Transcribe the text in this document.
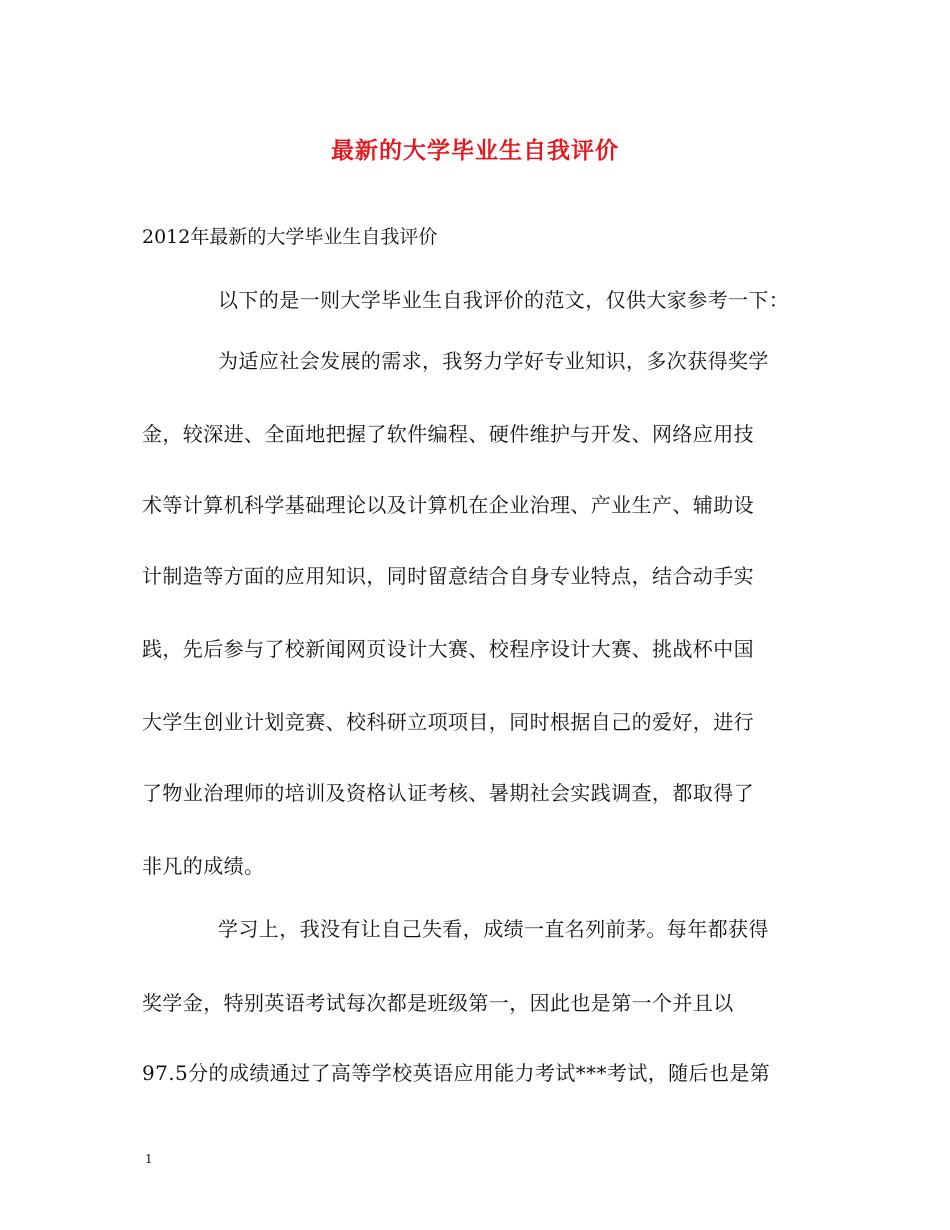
最新的大学毕业生自我评价
2012年最新的大学毕业生自我评价
以下的是一则大学毕业生自我评价的范文，仅供大家参考一下：
为适应社会发展的需求，我努力学好专业知识，多次获得奖学
金，较深进、全面地把握了软件编程、硬件维护与开发、网络应用技
术等计算机科学基础理论以及计算机在企业治理、产业生产、辅助设
计制造等方面的应用知识，同时留意结合自身专业特点，结合动手实
践，先后参与了校新闻网页设计大赛、校程序设计大赛、挑战杯中国
大学生创业计划竞赛、校科研立项项目，同时根据自己的爱好，进行
了物业治理师的培训及资格认证考核、暑期社会实践调查，都取得了
非凡的成绩。
学习上，我没有让自己失看，成绩一直名列前茅。每年都获得
奖学金，特别英语考试每次都是班级第一，因此也是第一个并且以
97.5分的成绩通过了高等学校英语应用能力考试***考试，随后也是第
1
